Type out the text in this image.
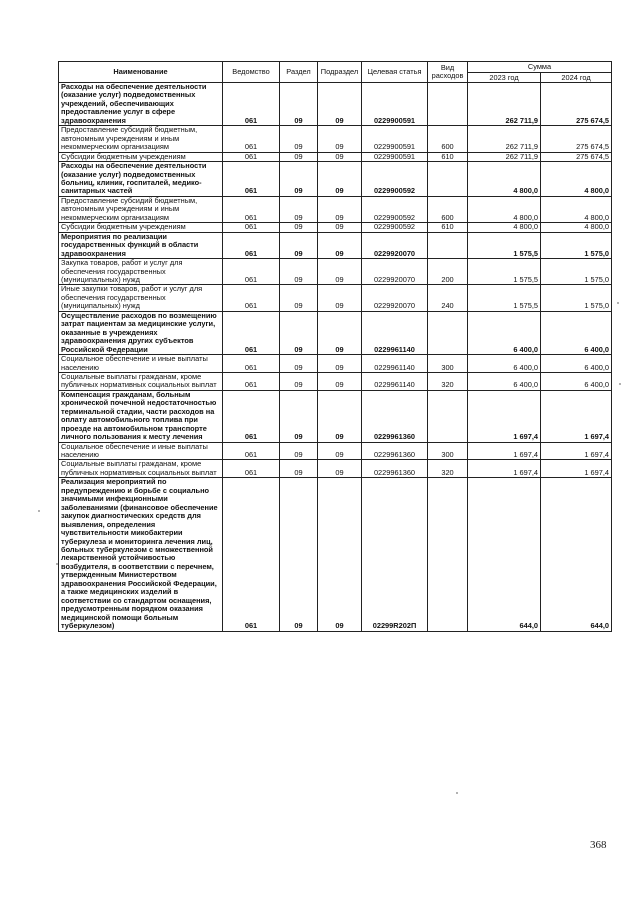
Наименование	Ведомство	Раздел	Подраздел	Целевая статья	Вид расходов	Сумма	
						2023 год	2024 год
Расходы на обеспечение деятельности (оказание услуг) подведомственных учреждений, обеспечивающих предоставление услуг в сфере здравоохранения	061	09	09	0229900591		262 711,9	275 674,5
Предоставление субсидий бюджетным, автономным учреждениям и иным некоммерческим организациям	061	09	09	0229900591	600	262 711,9	275 674,5
Субсидии бюджетным учреждениям	061	09	09	0229900591	610	262 711,9	275 674,5
Расходы на обеспечение деятельности (оказание услуг) подведомственных больниц, клиник, госпиталей, медико-санитарных частей	061	09	09	0229900592		4 800,0	4 800,0
Предоставление субсидий бюджетным, автономным учреждениям и иным некоммерческим организациям	061	09	09	0229900592	600	4 800,0	4 800,0
Субсидии бюджетным учреждениям	061	09	09	0229900592	610	4 800,0	4 800,0
Мероприятия по реализации государственных функций в области здравоохранения	061	09	09	0229920070		1 575,5	1 575,0
Закупка товаров, работ и услуг для обеспечения государственных (муниципальных) нужд	061	09	09	0229920070	200	1 575,5	1 575,0
Иные закупки товаров, работ и услуг для обеспечения государственных (муниципальных) нужд	061	09	09	0229920070	240	1 575,5	1 575,0
Осуществление расходов по возмещению затрат пациентам за медицинские услуги, оказанные в учреждениях здравоохранения других субъектов Российской Федерации	061	09	09	0229961140		6 400,0	6 400,0
Социальное обеспечение и иные выплаты населению	061	09	09	0229961140	300	6 400,0	6 400,0
Социальные выплаты гражданам, кроме публичных нормативных социальных выплат	061	09	09	0229961140	320	6 400,0	6 400,0
Компенсация гражданам, больным хронической почечной недостаточностью терминальной стадии, части расходов на оплату автомобильного топлива при проезде на автомобильном транспорте личного пользования к месту лечения	061	09	09	0229961360		1 697,4	1 697,4
Социальное обеспечение и иные выплаты населению	061	09	09	0229961360	300	1 697,4	1 697,4
Социальные выплаты гражданам, кроме публичных нормативных социальных выплат	061	09	09	0229961360	320	1 697,4	1 697,4
Реализация мероприятий по предупреждению и борьбе с социально значимыми инфекционными заболеваниями (финансовое обеспечение закупок диагностических средств для выявления, определения чувствительности микобактерии туберкулеза и мониторинга лечения лиц, больных туберкулезом с множественной лекарственной устойчивостью возбудителя, в соответствии с перечнем, утвержденным Министерством здравоохранения Российской Федерации, а также медицинских изделий в соответствии со стандартом оснащения, предусмотренным порядком оказания медицинской помощи больным туберкулезом)	061	09	09	02299R202П		644,0	644,0
368
